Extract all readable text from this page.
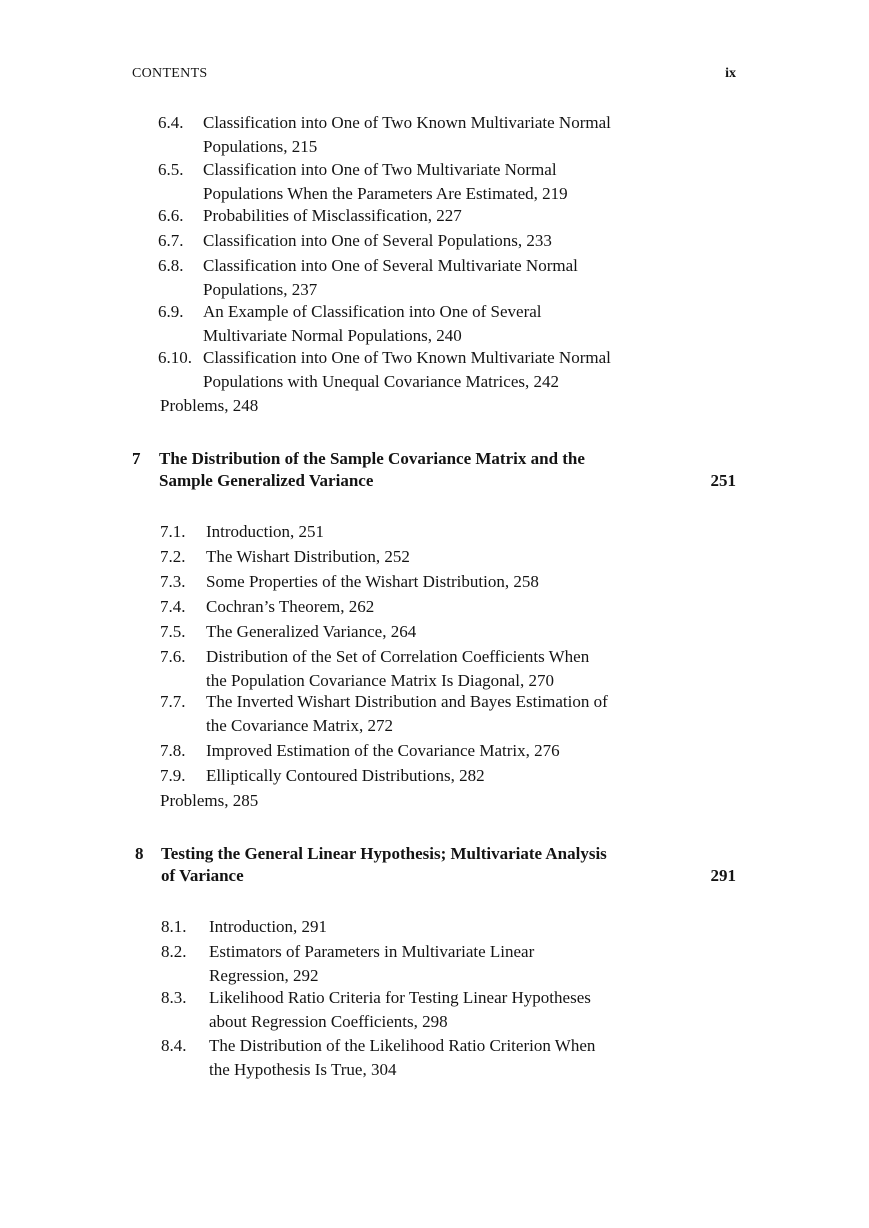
CONTENTS	ix
6.4. Classification into One of Two Known Multivariate Normal
Populations, 215
6.5. Classification into One of Two Multivariate Normal
Populations When the Parameters Are Estimated, 219
6.6. Probabilities of Misclassification, 227
6.7. Classification into One of Several Populations, 233
6.8. Classification into One of Several Multivariate Normal
Populations, 237
6.9. An Example of Classification into One of Several
Multivariate Normal Populations, 240
6.10. Classification into One of Two Known Multivariate Normal
Populations with Unequal Covariance Matrices, 242
Problems, 248
7 The Distribution of the Sample Covariance Matrix and the
Sample Generalized Variance	251
7.1. Introduction, 251
7.2. The Wishart Distribution, 252
7.3. Some Properties of the Wishart Distribution, 258
7.4. Cochran’s Theorem, 262
7.5. The Generalized Variance, 264
7.6. Distribution of the Set of Correlation Coefficients When
the Population Covariance Matrix Is Diagonal, 270
7.7. The Inverted Wishart Distribution and Bayes Estimation of
the Covariance Matrix, 272
7.8. Improved Estimation of the Covariance Matrix, 276
7.9. Elliptically Contoured Distributions, 282
Problems, 285
8 Testing the General Linear Hypothesis; Multivariate Analysis
of Variance	291
8.1. Introduction, 291
8.2. Estimators of Parameters in Multivariate Linear
Regression, 292
8.3. Likelihood Ratio Criteria for Testing Linear Hypotheses
about Regression Coefficients, 298
8.4. The Distribution of the Likelihood Ratio Criterion When
the Hypothesis Is True, 304
